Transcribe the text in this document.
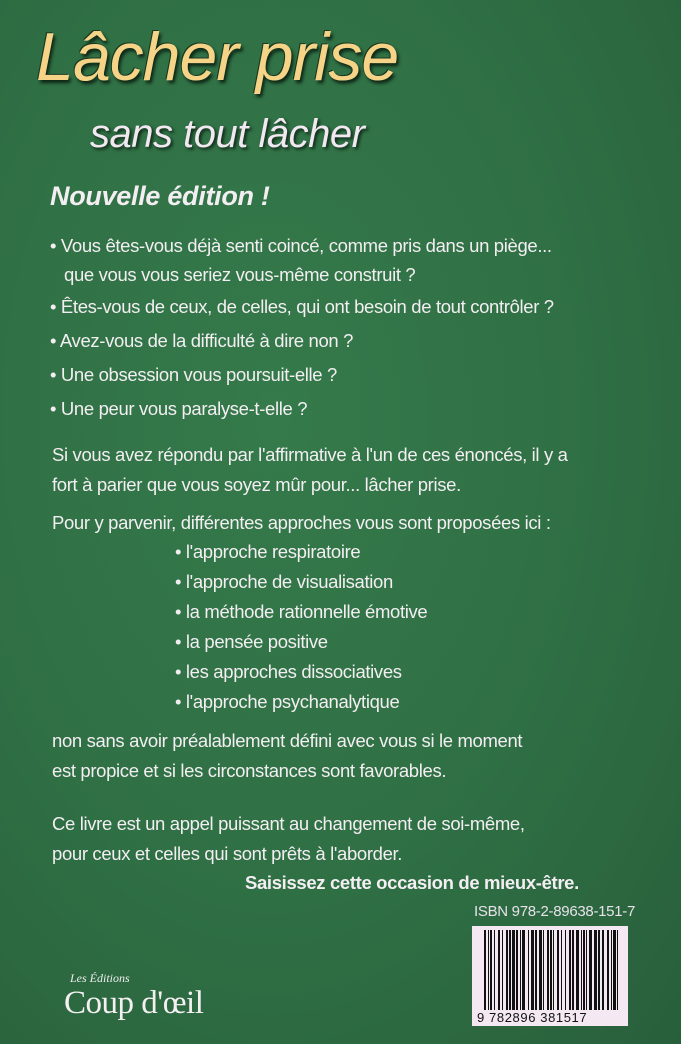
Lâcher prise
sans tout lâcher
Nouvelle édition !
• Vous êtes-vous déjà senti coincé, comme pris dans un piège...
que vous vous seriez vous-même construit ?
• Êtes-vous de ceux, de celles, qui ont besoin de tout contrôler ?
• Avez-vous de la difficulté à dire non ?
• Une obsession vous poursuit-elle ?
• Une peur vous paralyse-t-elle ?
Si vous avez répondu par l'affirmative à l'un de ces énoncés, il y a
fort à parier que vous soyez mûr pour... lâcher prise.
Pour y parvenir, différentes approches vous sont proposées ici :
• l'approche respiratoire
• l'approche de visualisation
• la méthode rationnelle émotive
• la pensée positive
• les approches dissociatives
• l'approche psychanalytique
non sans avoir préalablement défini avec vous si le moment
est propice et si les circonstances sont favorables.
Ce livre est un appel puissant au changement de soi-même,
pour ceux et celles qui sont prêts à l'aborder.
Saisissez cette occasion de mieux-être.
ISBN 978-2-89638-151-7
9 782896 381517
Les Éditions
Coup d'œil
